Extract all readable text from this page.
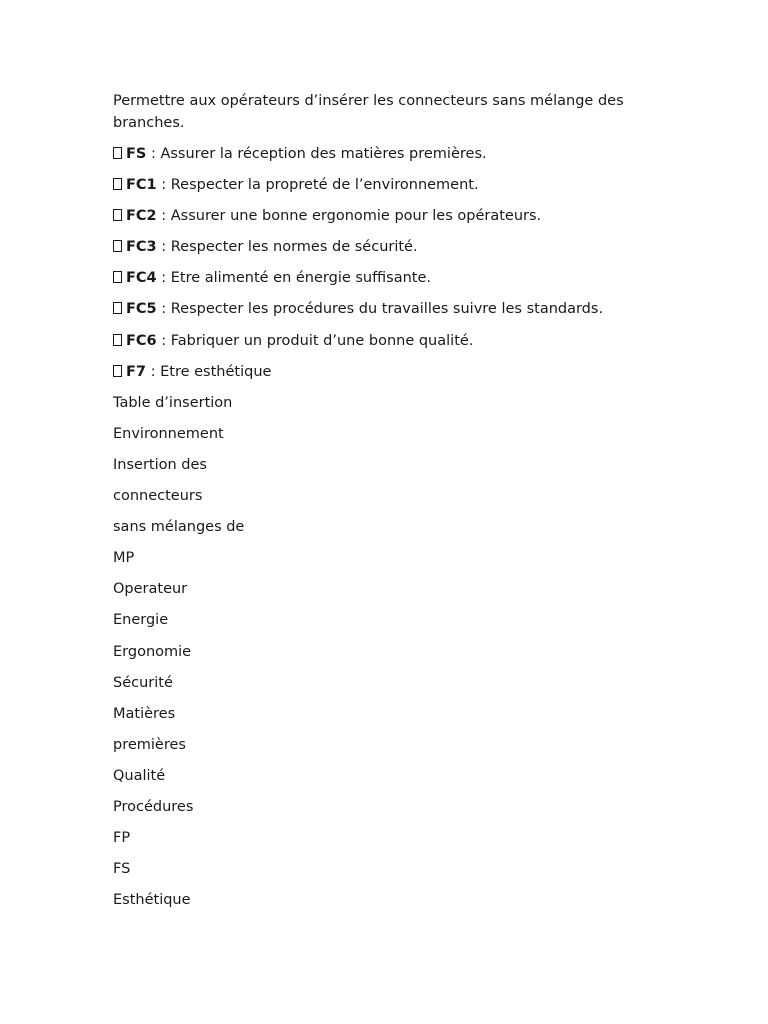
Permettre aux opérateurs d’insérer les connecteurs sans mélange des branches.

FS : Assurer la réception des matières premières.
FC1 : Respecter la propreté de l’environnement.
FC2 : Assurer une bonne ergonomie pour les opérateurs.
FC3 : Respecter les normes de sécurité.
FC4 : Etre alimenté en énergie suffisante.
FC5 : Respecter les procédures du travailles suivre les standards.
FC6 : Fabriquer un produit d’une bonne qualité.
F7 : Etre esthétique
Table d’insertion
Environnement
Insertion des
connecteurs
sans mélanges de
MP
Operateur
Energie
Ergonomie
Sécurité
Matières
premières
Qualité
Procédures
FP
FS
Esthétique
